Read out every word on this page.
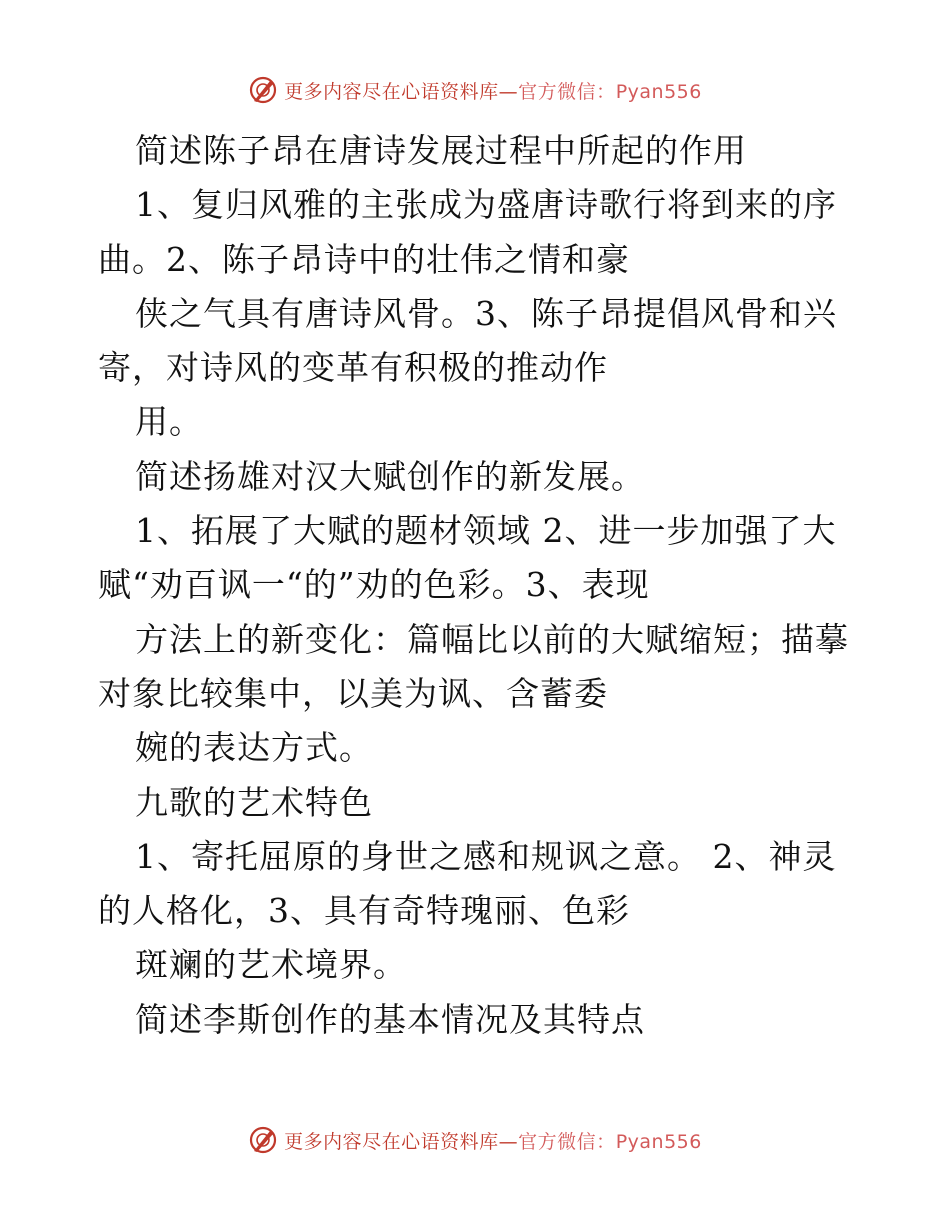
更多内容尽在心语资料库—官方微信：Pyan556
简述陈子昂在唐诗发展过程中所起的作用
1、复归风雅的主张成为盛唐诗歌行将到来的序
曲。2、陈子昂诗中的壮伟之情和豪
侠之气具有唐诗风骨。3、陈子昂提倡风骨和兴
寄，对诗风的变革有积极的推动作
用。
简述扬雄对汉大赋创作的新发展。
1、拓展了大赋的题材领域 2、进一步加强了大
赋“劝百讽一“的”劝的色彩。3、表现
方法上的新变化：篇幅比以前的大赋缩短；描摹
对象比较集中，以美为讽、含蓄委
婉的表达方式。
九歌的艺术特色
1、寄托屈原的身世之感和规讽之意。 2、神灵
的人格化，3、具有奇特瑰丽、色彩
斑斓的艺术境界。
简述李斯创作的基本情况及其特点
更多内容尽在心语资料库—官方微信：Pyan556
